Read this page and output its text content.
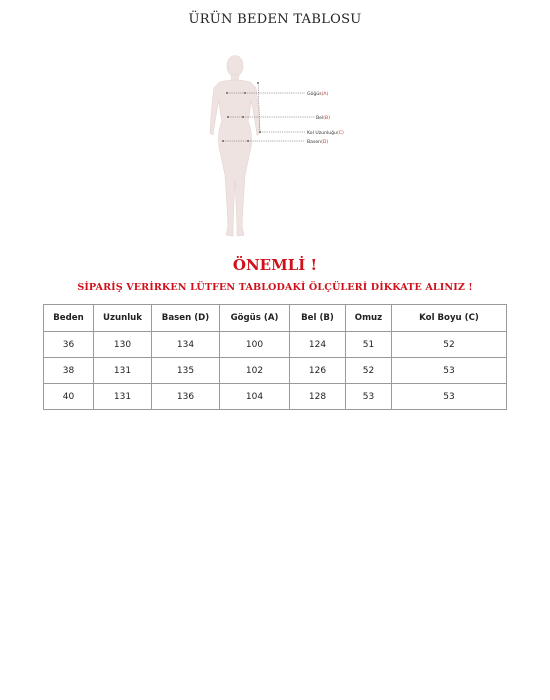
ÜRÜN BEDEN TABLOSU
Göğüs(A)
Bel(B)
Kol Uzunluğu(C)
Basen(D)
ÖNEMLİ !
SİPARİŞ VERİRKEN LÜTFEN TABLODAKİ ÖLÇÜLERİ DİKKATE ALINIZ !
Beden	Uzunluk	Basen (D)	Gögüs (A)	Bel (B)	Omuz	Kol Boyu (C)
36	130	134	100	124	51	52
38	131	135	102	126	52	53
40	131	136	104	128	53	53
